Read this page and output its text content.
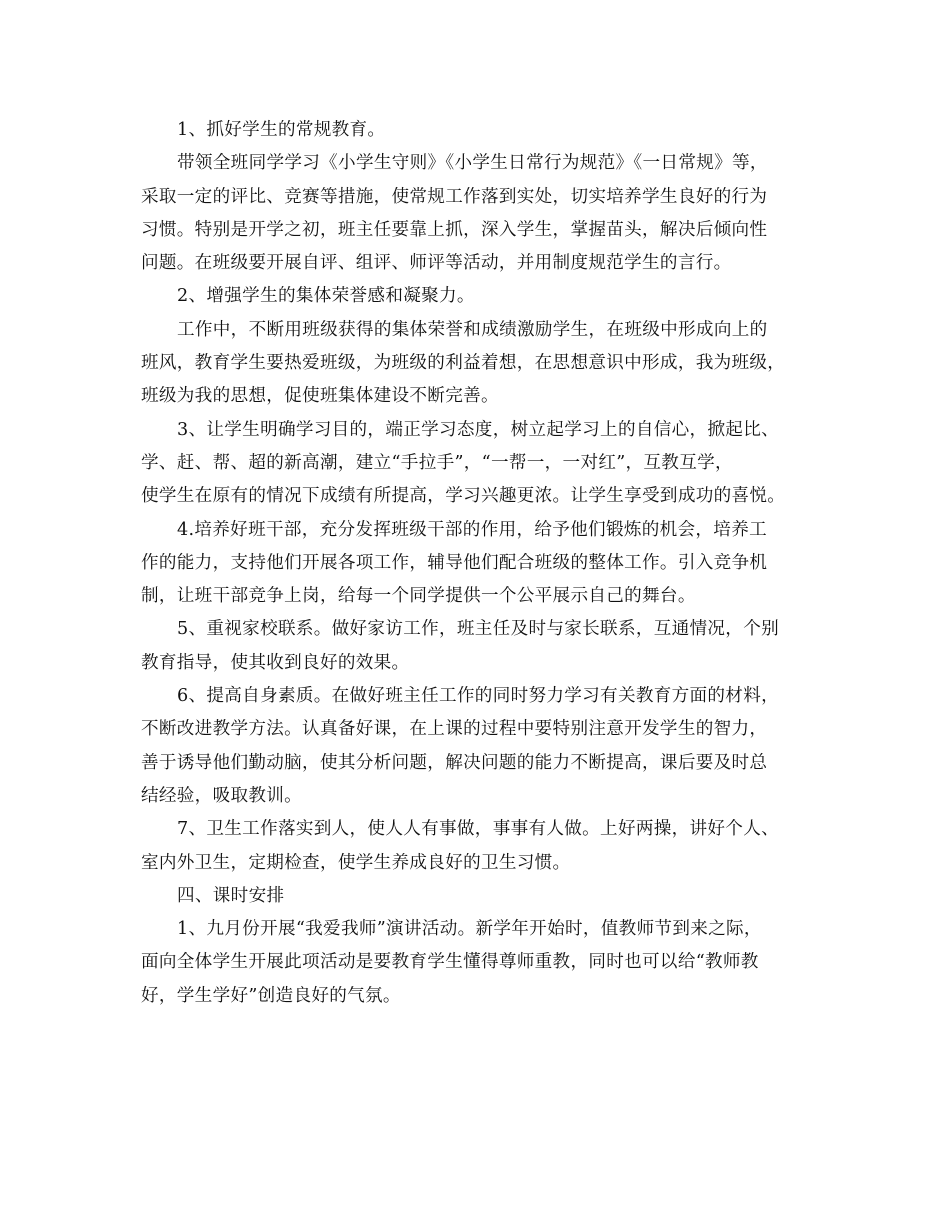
1、抓好学生的常规教育。
带领全班同学学习《小学生守则》《小学生日常行为规范》《一日常规》等，
采取一定的评比、竞赛等措施，使常规工作落到实处，切实培养学生良好的行为
习惯。特别是开学之初，班主任要靠上抓，深入学生，掌握苗头，解决后倾向性
问题。在班级要开展自评、组评、师评等活动，并用制度规范学生的言行。
2、增强学生的集体荣誉感和凝聚力。
工作中，不断用班级获得的集体荣誉和成绩激励学生，在班级中形成向上的
班风，教育学生要热爱班级，为班级的利益着想，在思想意识中形成，我为班级，
班级为我的思想，促使班集体建设不断完善。
3、让学生明确学习目的，端正学习态度，树立起学习上的自信心，掀起比、
学、赶、帮、超的新高潮，建立“手拉手”，“一帮一，一对红”，互教互学，
使学生在原有的情况下成绩有所提高，学习兴趣更浓。让学生享受到成功的喜悦。
4.培养好班干部，充分发挥班级干部的作用，给予他们锻炼的机会，培养工
作的能力，支持他们开展各项工作，辅导他们配合班级的整体工作。引入竞争机
制，让班干部竞争上岗，给每一个同学提供一个公平展示自己的舞台。
5、重视家校联系。做好家访工作，班主任及时与家长联系，互通情况，个别
教育指导，使其收到良好的效果。
6、提高自身素质。在做好班主任工作的同时努力学习有关教育方面的材料，
不断改进教学方法。认真备好课，在上课的过程中要特别注意开发学生的智力，
善于诱导他们勤动脑，使其分析问题，解决问题的能力不断提高，课后要及时总
结经验，吸取教训。
7、卫生工作落实到人，使人人有事做，事事有人做。上好两操，讲好个人、
室内外卫生，定期检查，使学生养成良好的卫生习惯。
四、课时安排
1、九月份开展“我爱我师”演讲活动。新学年开始时，值教师节到来之际，
面向全体学生开展此项活动是要教育学生懂得尊师重教，同时也可以给“教师教
好，学生学好”创造良好的气氛。
